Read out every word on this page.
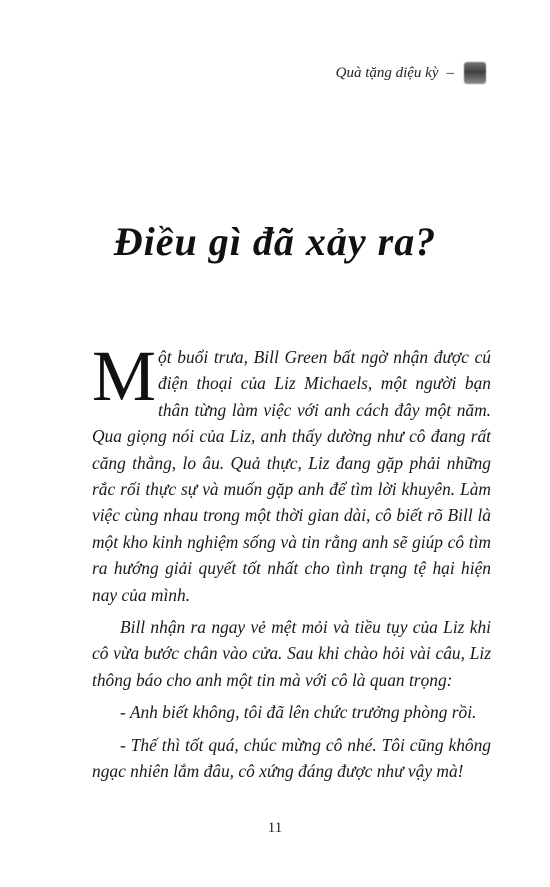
Quà tặng diệu kỳ –
Điều gì đã xảy ra?

Một buổi trưa, Bill Green bất ngờ nhận được cú điện thoại của Liz Michaels, một người bạn thân từng làm việc với anh cách đây một năm. Qua giọng nói của Liz, anh thấy dường như cô đang rất căng thẳng, lo âu. Quả thực, Liz đang gặp phải những rắc rối thực sự và muốn gặp anh để tìm lời khuyên. Làm việc cùng nhau trong một thời gian dài, cô biết rõ Bill là một kho kinh nghiệm sống và tin rằng anh sẽ giúp cô tìm ra hướng giải quyết tốt nhất cho tình trạng tệ hại hiện nay của mình.

Bill nhận ra ngay vẻ mệt mỏi và tiều tụy của Liz khi cô vừa bước chân vào cửa. Sau khi chào hỏi vài câu, Liz thông báo cho anh một tin mà với cô là quan trọng:

- Anh biết không, tôi đã lên chức trưởng phòng rồi.

- Thế thì tốt quá, chúc mừng cô nhé. Tôi cũng không ngạc nhiên lắm đâu, cô xứng đáng được như vậy mà!

11
